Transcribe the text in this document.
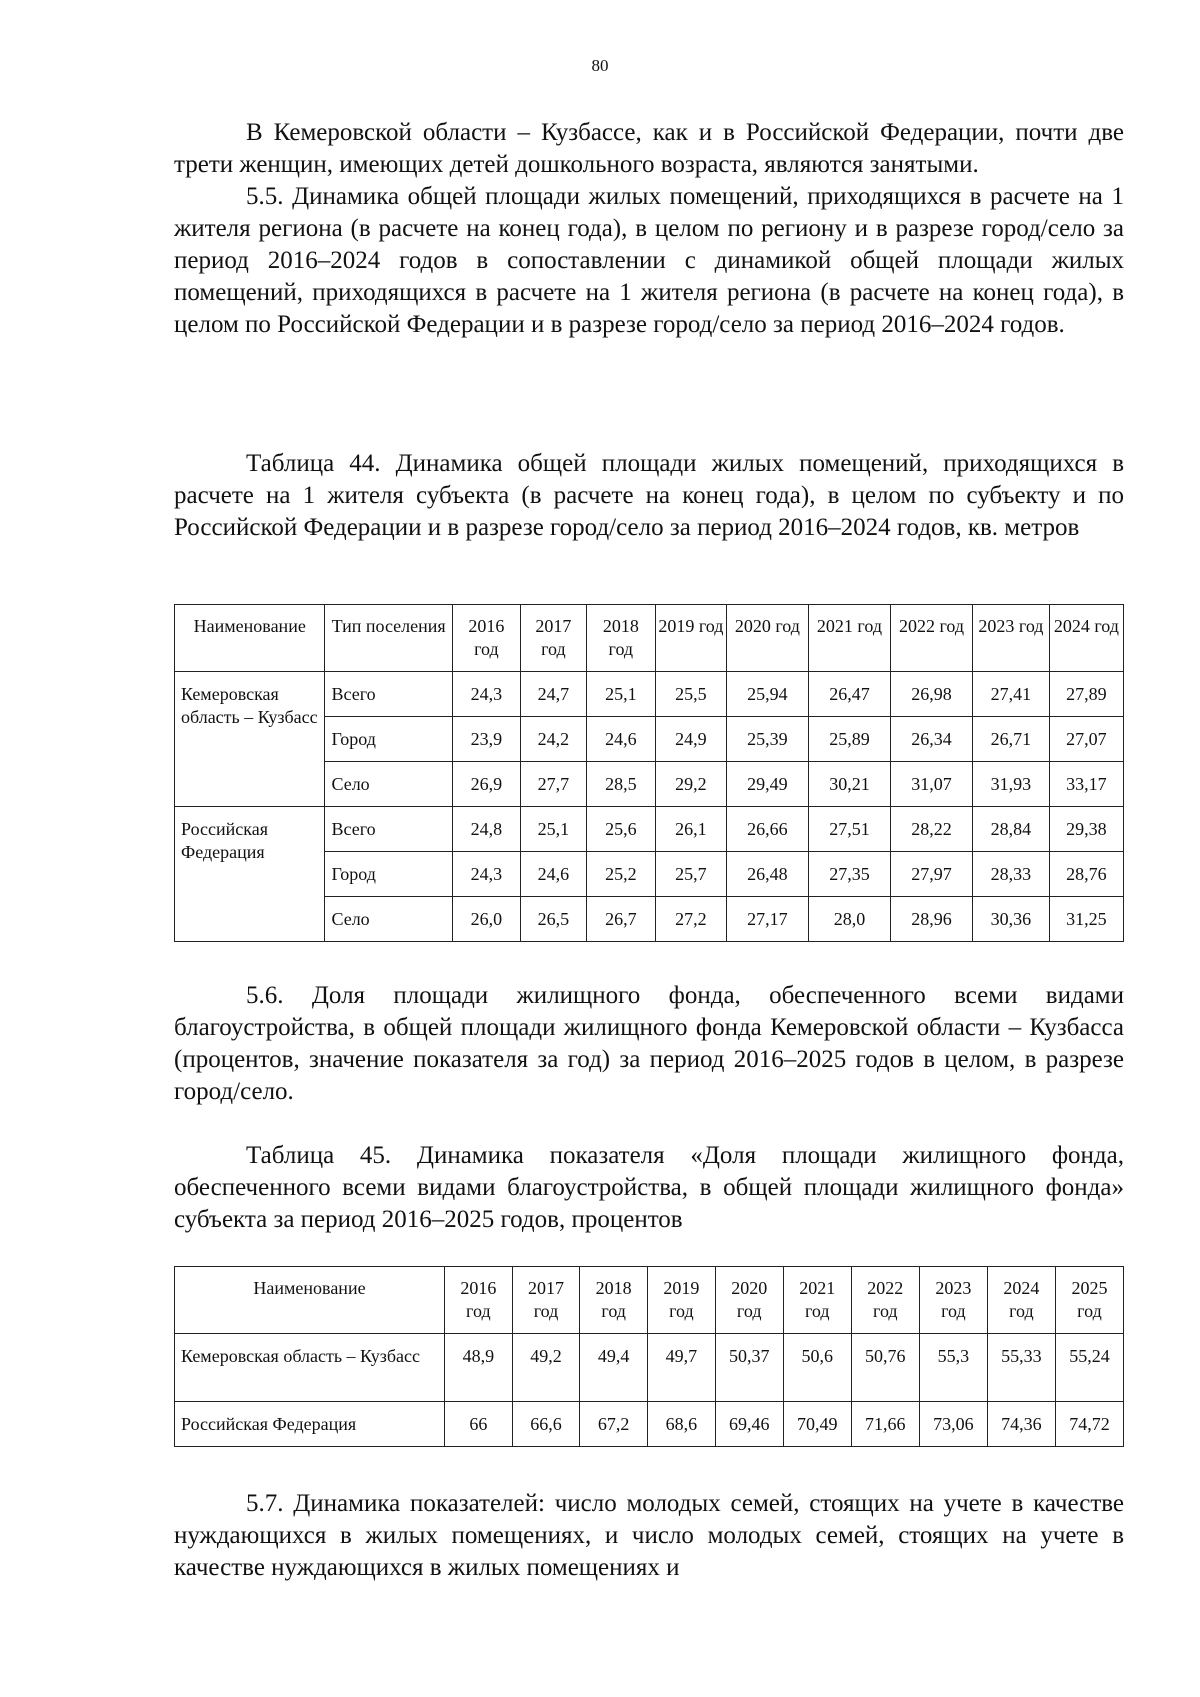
80

В Кемеровской области – Кузбассе, как и в Российской Федерации, почти две трети женщин, имеющих детей дошкольного возраста, являются занятыми.

5.5. Динамика общей площади жилых помещений, приходящихся в расчете на 1 жителя региона (в расчете на конец года), в целом по региону и в разрезе город/село за период 2016–2024 годов в сопоставлении с динамикой общей площади жилых помещений, приходящихся в расчете на 1 жителя региона (в расчете на конец года), в целом по Российской Федерации и в разрезе город/село за период 2016–2024 годов.

Таблица 44. Динамика общей площади жилых помещений, приходящихся в расчете на 1 жителя субъекта (в расчете на конец года), в целом по субъекту и по Российской Федерации и в разрезе город/село за период 2016–2024 годов, кв. метров

Наименование	Тип поселения	2016 год	2017 год	2018 год	2019 год	2020 год	2021 год	2022 год	2023 год	2024 год
Кемеровская область – Кузбасс	Всего	24,3	24,7	25,1	25,5	25,94	26,47	26,98	27,41	27,89
	Город	23,9	24,2	24,6	24,9	25,39	25,89	26,34	26,71	27,07
	Село	26,9	27,7	28,5	29,2	29,49	30,21	31,07	31,93	33,17
Российская Федерация	Всего	24,8	25,1	25,6	26,1	26,66	27,51	28,22	28,84	29,38
	Город	24,3	24,6	25,2	25,7	26,48	27,35	27,97	28,33	28,76
	Село	26,0	26,5	26,7	27,2	27,17	28,0	28,96	30,36	31,25

5.6. Доля площади жилищного фонда, обеспеченного всеми видами благоустройства, в общей площади жилищного фонда Кемеровской области – Кузбасса (процентов, значение показателя за год) за период 2016–2025 годов в целом, в разрезе город/село.

Таблица 45. Динамика показателя «Доля площади жилищного фонда, обеспеченного всеми видами благоустройства, в общей площади жилищного фонда» субъекта за период 2016–2025 годов, процентов

Наименование	2016 год	2017 год	2018 год	2019 год	2020 год	2021 год	2022 год	2023 год	2024 год	2025 год
Кемеровская область – Кузбасс	48,9	49,2	49,4	49,7	50,37	50,6	50,76	55,3	55,33	55,24
Российская Федерация	66	66,6	67,2	68,6	69,46	70,49	71,66	73,06	74,36	74,72

5.7. Динамика показателей: число молодых семей, стоящих на учете в качестве нуждающихся в жилых помещениях, и число молодых семей, стоящих на учете в качестве нуждающихся в жилых помещениях и
